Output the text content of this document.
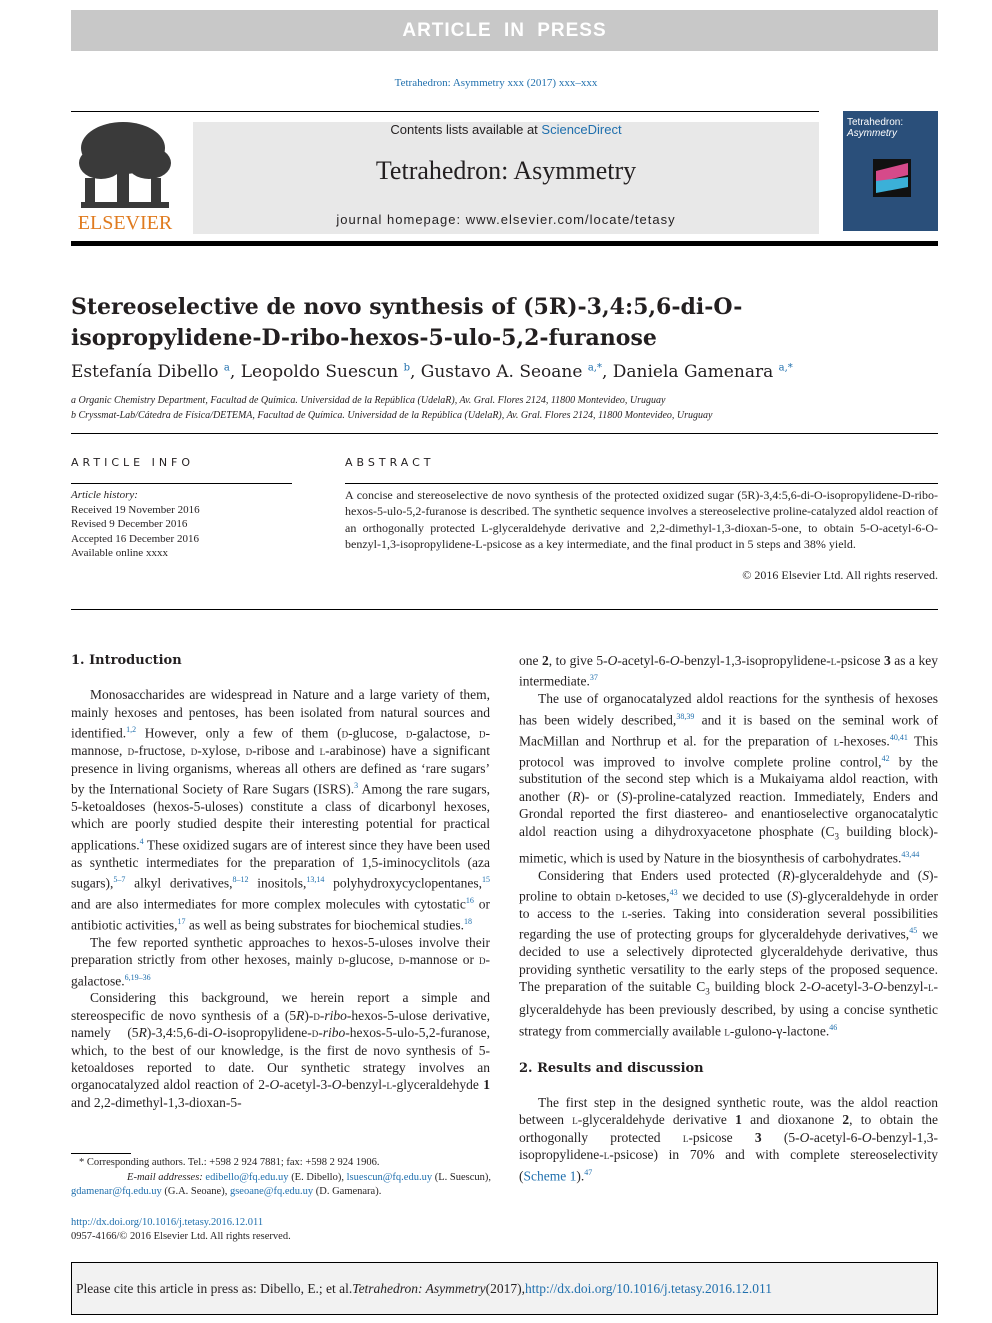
ARTICLE IN PRESS
Tetrahedron: Asymmetry xxx (2017) xxx–xxx
ELSEVIER
Contents lists available at ScienceDirect
Tetrahedron: Asymmetry
journal homepage: www.elsevier.com/locate/tetasy
Tetrahedron:
Asymmetry
Stereoselective de novo synthesis of (5R)-3,4:5,6-di-O-
isopropylidene-D-ribo-hexos-5-ulo-5,2-furanose
Estefanía Dibello $^a$, Leopoldo Suescun $^b$, Gustavo A. Seoane $^{a,*}$, Daniela Gamenara $^{a,*}$
a Organic Chemistry Department, Facultad de Química. Universidad de la República (UdelaR), Av. Gral. Flores 2124, 11800 Montevideo, Uruguay
b Cryssmat-Lab/Cátedra de Física/DETEMA, Facultad de Química. Universidad de la República (UdelaR), Av. Gral. Flores 2124, 11800 Montevideo, Uruguay
ARTICLE INFO
Article history:
Received 19 November 2016
Revised 9 December 2016
Accepted 16 December 2016
Available online xxxx
ABSTRACT
A concise and stereoselective de novo synthesis of the protected oxidized sugar (5R)-3,4:5,6-di-O-isopropylidene-D-ribo-hexos-5-ulo-5,2-furanose is described. The synthetic sequence involves a stereoselective proline-catalyzed aldol reaction of an orthogonally protected L-glyceraldehyde derivative and 2,2-dimethyl-1,3-dioxan-5-one, to obtain 5-O-acetyl-6-O-benzyl-1,3-isopropylidene-L-psicose as a key intermediate, and the final product in 5 steps and 38% yield.
© 2016 Elsevier Ltd. All rights reserved.
1. Introduction

Monosaccharides are widespread in Nature and a large variety of them, mainly hexoses and pentoses, has been isolated from natural sources and identified.$^{1,2}$ However, only a few of them (d-glucose, d-galactose, d-mannose, d-fructose, d-xylose, d-ribose and l-arabinose) have a significant presence in living organisms, whereas all others are defined as ‘rare sugars’ by the International Society of Rare Sugars (ISRS).$^3$ Among the rare sugars, 5-ketoaldoses (hexos-5-uloses) constitute a class of dicarbonyl hexoses, which are poorly studied despite their interesting potential for practical applications.$^4$ These oxidized sugars are of interest since they have been used as synthetic intermediates for the preparation of 1,5-iminocyclitols (aza sugars),$^{5-7}$ alkyl derivatives,$^{8-12}$ inositols,$^{13,14}$ polyhydroxycyclopentanes,$^{15}$ and are also intermediates for more complex molecules with cytostatic$^{16}$ or antibiotic activities,$^{17}$ as well as being substrates for biochemical studies.$^{18}$

The few reported synthetic approaches to hexos-5-uloses involve their preparation strictly from other hexoses, mainly d-glucose, d-mannose or d-galactose.$^{6,19-36}$

Considering this background, we herein report a simple and stereospecific de novo synthesis of a (5R)-d-ribo-hexos-5-ulose derivative, namely (5R)-3,4:5,6-di-O-isopropylidene-d-ribo-hexos-5-ulo-5,2-furanose, which, to the best of our knowledge, is the first de novo synthesis of 5-ketoaldoses reported to date. Our synthetic strategy involves an organocatalyzed aldol reaction of 2-O-acetyl-3-O-benzyl-l-glyceraldehyde 1 and 2,2-dimethyl-1,3-dioxan-5-

* Corresponding authors. Tel.: +598 2 924 7881; fax: +598 2 924 1906.
E-mail addresses: edibello@fq.edu.uy (E. Dibello), lsuescun@fq.edu.uy (L. Suescun),
gdamenar@fq.edu.uy (G.A. Seoane), gseoane@fq.edu.uy (D. Gamenara).
http://dx.doi.org/10.1016/j.tetasy.2016.12.011
0957-4166/© 2016 Elsevier Ltd. All rights reserved.

one 2, to give 5-O-acetyl-6-O-benzyl-1,3-isopropylidene-l-psicose 3 as a key intermediate.$^{37}$

The use of organocatalyzed aldol reactions for the synthesis of hexoses has been widely described,$^{38,39}$ and it is based on the seminal work of MacMillan and Northrup et al. for the preparation of l-hexoses.$^{40,41}$ This protocol was improved to involve complete proline control,$^{42}$ by the substitution of the second step which is a Mukaiyama aldol reaction, with another (R)- or (S)-proline-catalyzed reaction. Immediately, Enders and Grondal reported the first diastereo- and enantioselective organocatalytic aldol reaction using a dihydroxyacetone phosphate ($C_3$ building block)-mimetic, which is used by Nature in the biosynthesis of carbohydrates.$^{43,44}$

Considering that Enders used protected (R)-glyceraldehyde and (S)-proline to obtain d-ketoses,$^{43}$ we decided to use (S)-glyceraldehyde in order to access to the l-series. Taking into consideration several possibilities regarding the use of protecting groups for glyceraldehyde derivatives,$^{45}$ we decided to use a selectively diprotected glyceraldehyde derivative, thus providing synthetic versatility to the early steps of the proposed sequence. The preparation of the suitable $C_3$ building block 2-O-acetyl-3-O-benzyl-l-glyceraldehyde has been previously described, by using a concise synthetic strategy from commercially available l-gulono-γ-lactone.$^{46}$

2. Results and discussion

The first step in the designed synthetic route, was the aldol reaction between l-glyceraldehyde derivative 1 and dioxanone 2, to obtain the orthogonally protected l-psicose 3 (5-O-acetyl-6-O-benzyl-1,3-isopropylidene-l-psicose) in 70% and with complete stereoselectivity (Scheme 1).$^{47}$

Please cite this article in press as: Dibello, E.; et al. Tetrahedron: Asymmetry (2017), http://dx.doi.org/10.1016/j.tetasy.2016.12.011
